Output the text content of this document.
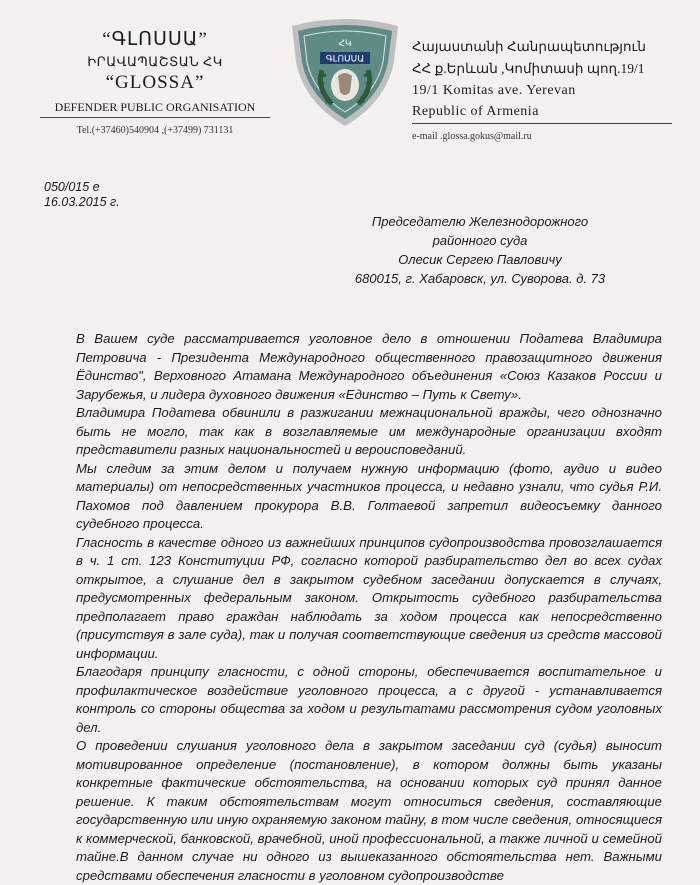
“ԳԼՈՍՍԱ”
ԻՐԱՎԱՊԱՇՏԱՆ ՀԿ
“GLOSSA”
DEFENDER PUBLIC ORGANISATION
Tel.(+37460)540904 ,(+37499) 731131
ՀԿ
ԳԼՈՍՍԱ
Հայաստանի Հանրապետություն
ՀՀ ք.Երևան ,Կոմիտասի պող.19/1
19/1 Komitas ave. Yerevan
Republic of Armenia
e-mail .glossa.gokus@mail.ru
050/015 е
16.03.2015 г.
Председателю Железнодорожного
районного суда
Олесик Сергею Павловичу
680015, г. Хабаровск, ул. Суворова. д. 73

В Вашем суде рассматривается уголовное дело в отношении Податева Владимира Петровича - Президента Международного общественного правозащитного движения Ёдинство", Верховного Атамана Международного объединения «Союз Казаков России и Зарубежья, и лидера духовного движения «Единство – Путь к Свету».

Владимира Податева обвинили в разжигании межнациональной вражды, чего однозначно быть не могло, так как в возглавляемые им международные организации входят представители разных национальностей и вероисповеданий.

Мы следим за этим делом и получаем нужную информацию (фото, аудио и видео материалы) от непосредственных участников процесса, и недавно узнали, что судья Р.И. Пахомов под давлением прокурора В.В. Голтаевой запретил видеосъемку данного судебного процесса.

Гласность в качестве одного из важнейших принципов судопроизводства провозглашается в ч. 1 ст. 123 Конституции РФ, согласно которой разбирательство дел во всех судах открытое, а слушание дел в закрытом судебном заседании допускается в случаях, предусмотренных федеральным законом. Открытость судебного разбирательства предполагает право граждан наблюдать за ходом процесса как непосредственно (присутствуя в зале суда), так и получая соответствующие сведения из средств массовой информации.

Благодаря принципу гласности, с одной стороны, обеспечивается воспитательное и профилактическое воздействие уголовного процесса, а с другой - устанавливается контроль со стороны общества за ходом и результатами рассмотрения судом уголовных дел.

О проведении слушания уголовного дела в закрытом заседании суд (судья) выносит мотивированное определение (постановление), в котором должны быть указаны конкретные фактические обстоятельства, на основании которых суд принял данное решение. К таким обстоятельствам могут относиться сведения, составляющие государственную или иную охраняемую законом тайну, в том числе сведения, относящиеся к коммерческой, банковской, врачебной, иной профессиональной, а также личной и семейной тайне.В данном случае ни одного из вышеказанного обстоятельства нет. Важными средствами обеспечения гласности в уголовном судопроизводстве
